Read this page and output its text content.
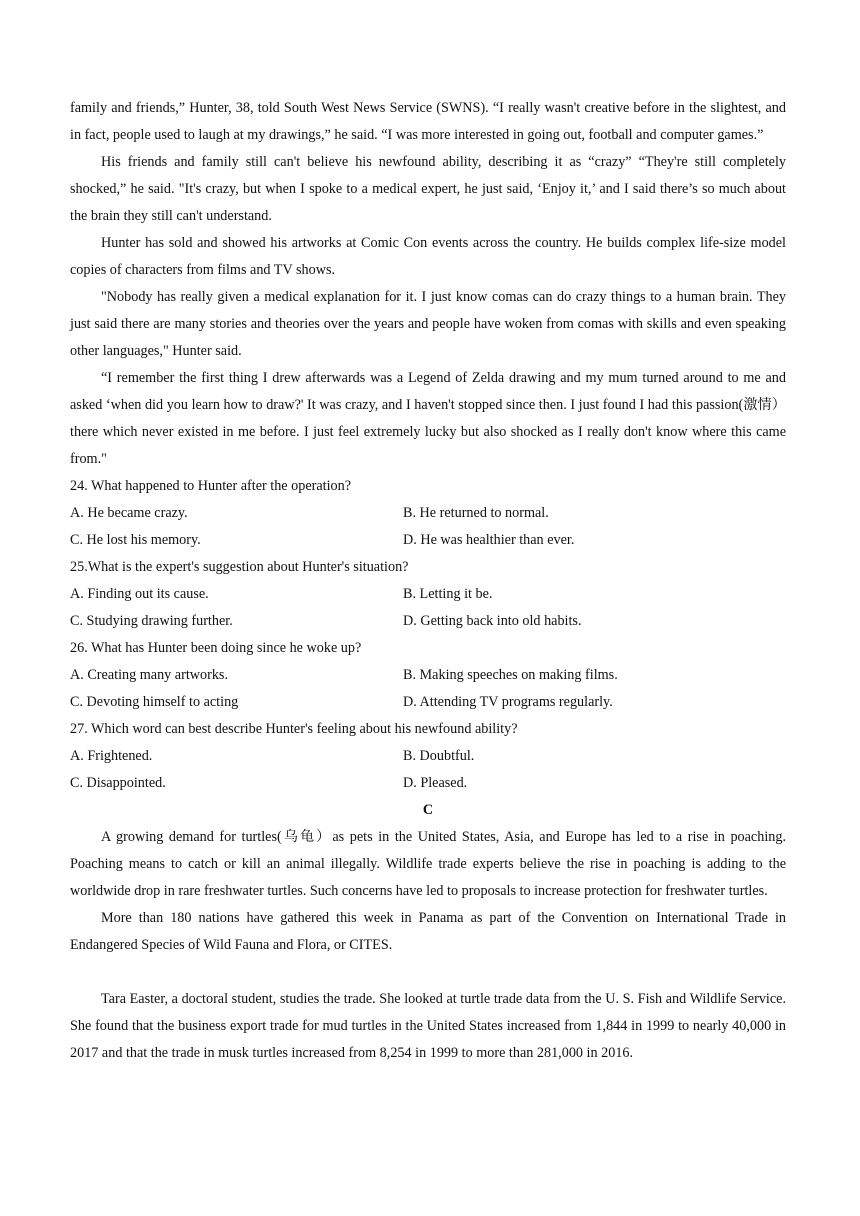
family and friends,” Hunter, 38, told South West News Service (SWNS). “I really wasn't creative before in the slightest, and in fact, people used to laugh at my drawings,” he said. “I was more interested in going out, football and computer games.”

His friends and family still can't believe his newfound ability, describing it as “crazy” “They're still completely shocked,” he said. "It's crazy, but when I spoke to a medical expert, he just said, ‘Enjoy it,’ and I said there’s so much about the brain they still can't understand.

Hunter has sold and showed his artworks at Comic Con events across the country. He builds complex life-size model copies of characters from films and TV shows.

"Nobody has really given a medical explanation for it. I just know comas can do crazy things to a human brain. They just said there are many stories and theories over the years and people have woken from comas with skills and even speaking other languages," Hunter said.

“I remember the first thing I drew afterwards was a Legend of Zelda drawing and my mum turned around to me and asked ‘when did you learn how to draw?' It was crazy, and I haven't stopped since then. I just found I had this passion(激情）there which never existed in me before. I just feel extremely lucky but also shocked as I really don't know where this came from."

24. What happened to Hunter after the operation?
A. He became crazy.	B. He returned to normal.
C. He lost his memory.	D. He was healthier than ever.
25.What is the expert's suggestion about Hunter's situation?
A. Finding out its cause.	B. Letting it be.
C. Studying drawing further.	D. Getting back into old habits.
26. What has Hunter been doing since he woke up?
A. Creating many artworks.	B. Making speeches on making films.
C. Devoting himself to acting	D. Attending TV programs regularly.
27. Which word can best describe Hunter's feeling about his newfound ability?
A. Frightened.	B. Doubtful.
C. Disappointed.	D. Pleased.
C

A growing demand for turtles(乌龟）as pets in the United States, Asia, and Europe has led to a rise in poaching. Poaching means to catch or kill an animal illegally. Wildlife trade experts believe the rise in poaching is adding to the worldwide drop in rare freshwater turtles. Such concerns have led to proposals to increase protection for freshwater turtles.

More than 180 nations have gathered this week in Panama as part of the Convention on International Trade in Endangered Species of Wild Fauna and Flora, or CITES.

Tara Easter, a doctoral student, studies the trade. She looked at turtle trade data from the U. S. Fish and Wildlife Service. She found that the business export trade for mud turtles in the United States increased from 1,844 in 1999 to nearly 40,000 in 2017 and that the trade in musk turtles increased from 8,254 in 1999 to more than 281,000 in 2016.
